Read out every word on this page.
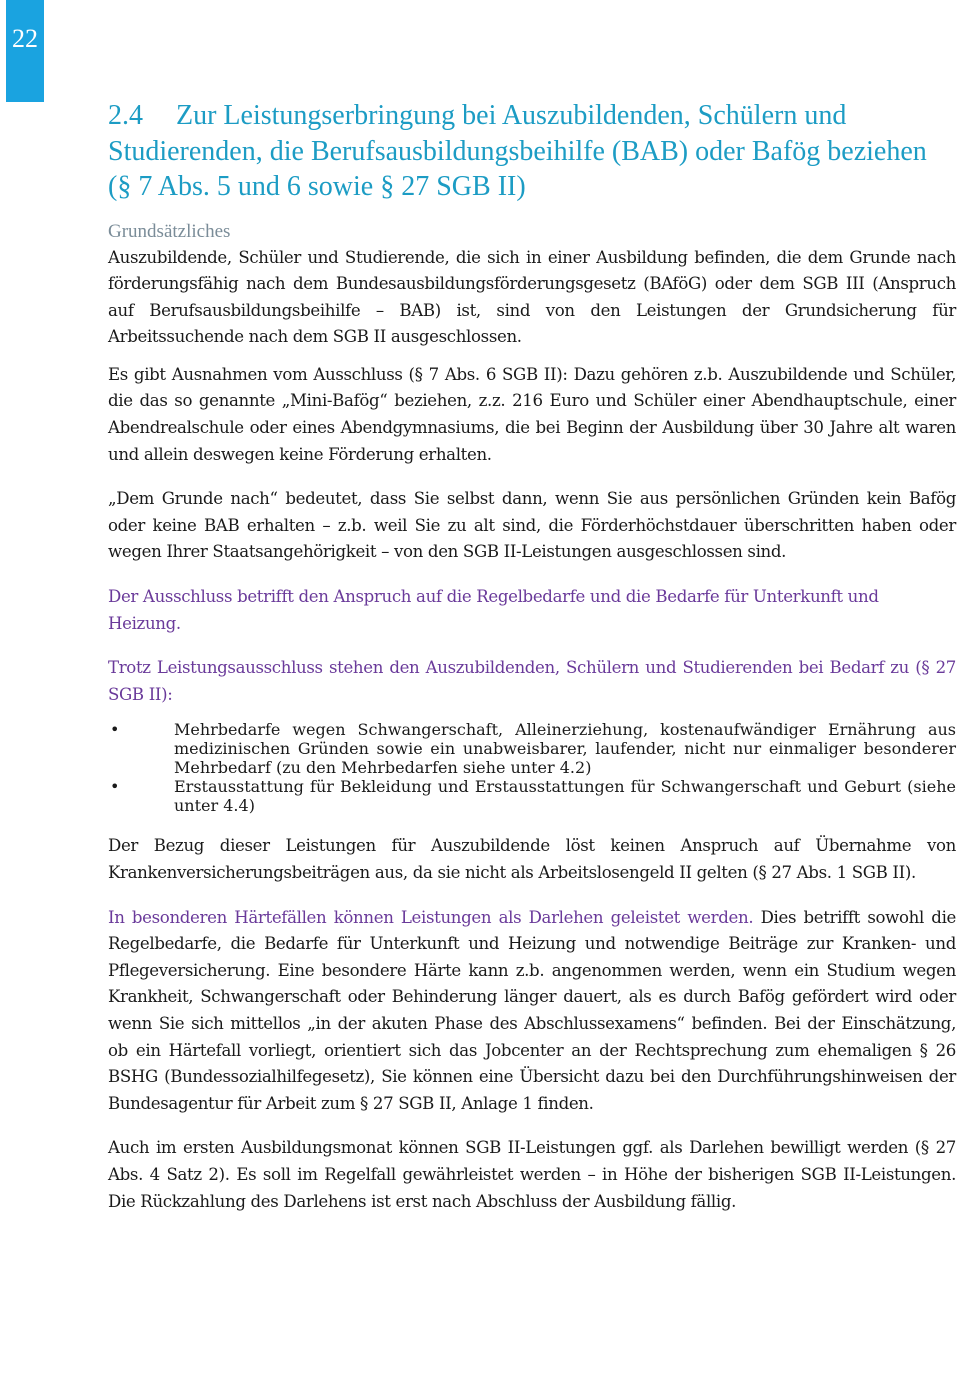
22
2.4 Zur Leistungserbringung bei Auszubildenden, Schülern und Studierenden, die Berufsausbildungsbeihilfe (BAB) oder Bafög beziehen (§ 7 Abs. 5 und 6 sowie § 27 SGB II)
Grundsätzliches

Auszubildende, Schüler und Studierende, die sich in einer Ausbildung befinden, die dem Grunde nach förderungsfähig nach dem Bundesausbildungsförderungsgesetz (BAföG) oder dem SGB III (Anspruch auf Berufsausbildungsbeihilfe – BAB) ist, sind von den Leistungen der Grundsicherung für Arbeitssuchende nach dem SGB II ausgeschlossen.

Es gibt Ausnahmen vom Ausschluss (§ 7 Abs. 6 SGB II): Dazu gehören z.b. Auszubildende und Schüler, die das so genannte „Mini-Bafög“ beziehen, z.z. 216 Euro und Schüler einer Abendhauptschule, einer Abendrealschule oder eines Abendgymnasiums, die bei Beginn der Ausbildung über 30 Jahre alt waren und allein deswegen keine Förderung erhalten.

„Dem Grunde nach“ bedeutet, dass Sie selbst dann, wenn Sie aus persönlichen Gründen kein Bafög oder keine BAB erhalten – z.b. weil Sie zu alt sind, die Förderhöchstdauer überschritten haben oder wegen Ihrer Staatsangehörigkeit – von den SGB II-Leistungen ausgeschlossen sind.

Der Ausschluss betrifft den Anspruch auf die Regelbedarfe und die Bedarfe für Unterkunft und Heizung.

Trotz Leistungsausschluss stehen den Auszubildenden, Schülern und Studierenden bei Bedarf zu (§ 27 SGB II):

•	Mehrbedarfe wegen Schwangerschaft, Alleinerziehung, kostenaufwändiger Ernährung aus medizinischen Gründen sowie ein unabweisbarer, laufender, nicht nur einmaliger besonderer Mehrbedarf (zu den Mehrbedarfen siehe unter 4.2)
•	Erstausstattung für Bekleidung und Erstausstattungen für Schwangerschaft und Geburt (siehe unter 4.4)

Der Bezug dieser Leistungen für Auszubildende löst keinen Anspruch auf Übernahme von Krankenversicherungsbeiträgen aus, da sie nicht als Arbeitslosengeld II gelten (§ 27 Abs. 1 SGB II).

In besonderen Härtefällen können Leistungen als Darlehen geleistet werden. Dies betrifft sowohl die Regelbedarfe, die Bedarfe für Unterkunft und Heizung und notwendige Beiträge zur Kranken- und Pflegeversicherung. Eine besondere Härte kann z.b. angenommen werden, wenn ein Studium wegen Krankheit, Schwangerschaft oder Behinderung länger dauert, als es durch Bafög gefördert wird oder wenn Sie sich mittellos „in der akuten Phase des Abschlussexamens“ befinden. Bei der Einschätzung, ob ein Härtefall vorliegt, orientiert sich das Jobcenter an der Rechtsprechung zum ehemaligen § 26 BSHG (Bundessozialhilfegesetz), Sie können eine Übersicht dazu bei den Durchführungshinweisen der Bundesagentur für Arbeit zum § 27 SGB II, Anlage 1 finden.

Auch im ersten Ausbildungsmonat können SGB II-Leistungen ggf. als Darlehen bewilligt werden (§ 27 Abs. 4 Satz 2). Es soll im Regelfall gewährleistet werden – in Höhe der bisherigen SGB II-Leistungen. Die Rückzahlung des Darlehens ist erst nach Abschluss der Ausbildung fällig.
